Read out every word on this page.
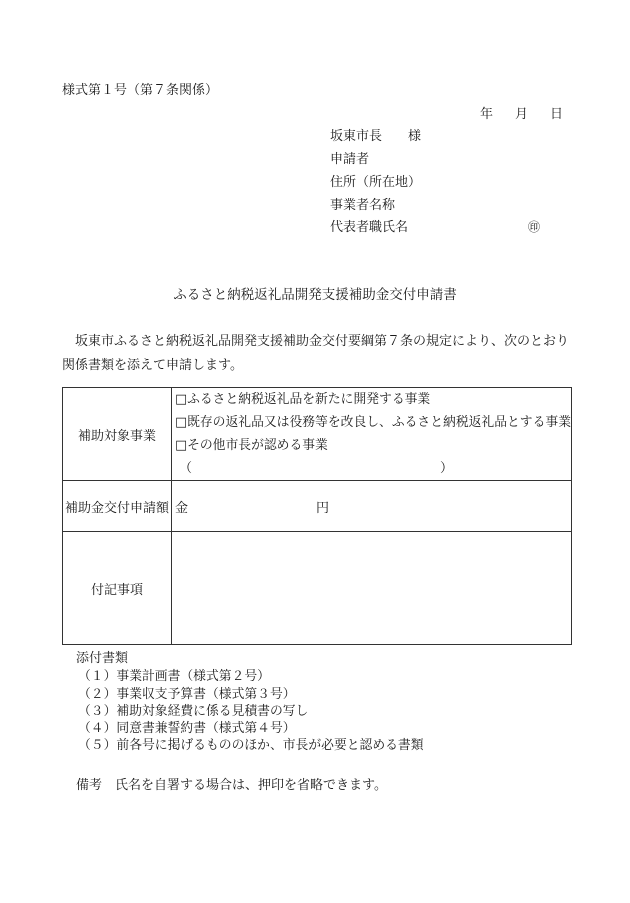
様式第１号（第７条関係）
年 月 日
坂東市長　　様
申請者
住所（所在地）
事業者名称
代表者職氏名	㊞
ふるさと納税返礼品開発支援補助金交付申請書
坂東市ふるさと納税返礼品開発支援補助金交付要綱第７条の規定により、次のとおり関係書類を添えて申請します。
補助対象事業	□ふるさと納税返礼品を新たに開発する事業
□既存の返礼品又は役務等を改良し、ふるさと納税返礼品とする事業
□その他市長が認める事業
（ ）

補助金交付申請額	金 円
付記事項	
添付書類
（１）事業計画書（様式第２号）
（２）事業収支予算書（様式第３号）
（３）補助対象経費に係る見積書の写し
（４）同意書兼誓約書（様式第４号）
（５）前各号に掲げるもののほか、市長が必要と認める書類
備考　氏名を自署する場合は、押印を省略できます。
